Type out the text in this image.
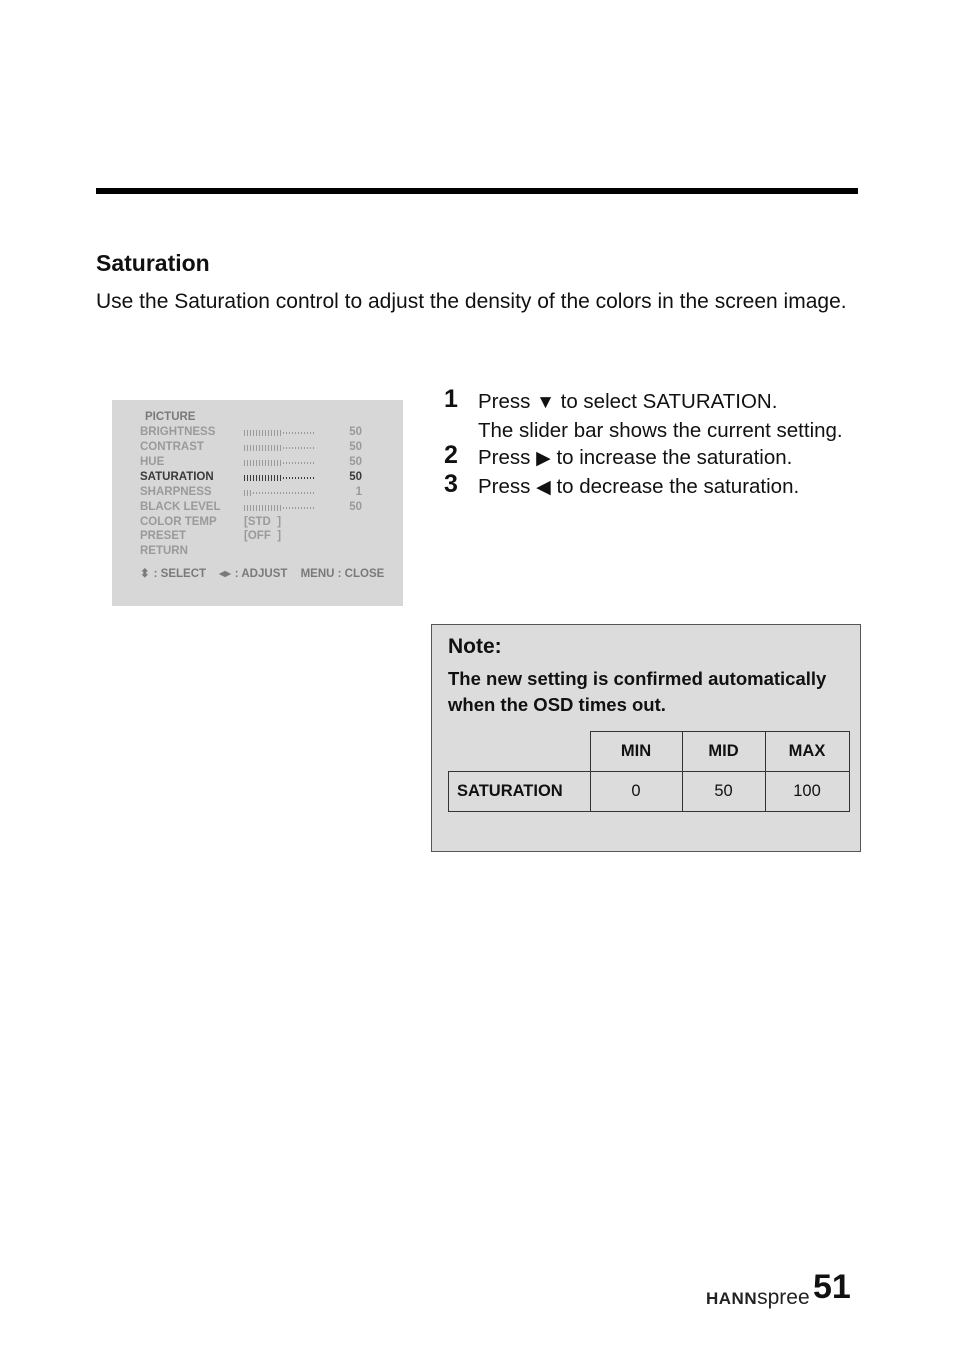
Saturation
Use the Saturation control to adjust the density of the colors in the screen image.
PICTURE
BRIGHTNESS	50
CONTRAST	50
HUE	50
SATURATION	50
SHARPNESS	1
BLACK LEVEL	50
COLOR TEMP [STD  ]
PRESET	[OFF  ]
RETURN
⬍ : SELECT ◂▸ : ADJUST MENU : CLOSE
1 Press ▼ to select SATURATION.
The slider bar shows the current setting.
2 Press ▶ to increase the saturation.
3 Press ◀ to decrease the saturation.
Note:
The new setting is confirmed automatically when the OSD times out.
	MIN	MID	MAX
SATURATION	0	50	100
HANNspree 51
